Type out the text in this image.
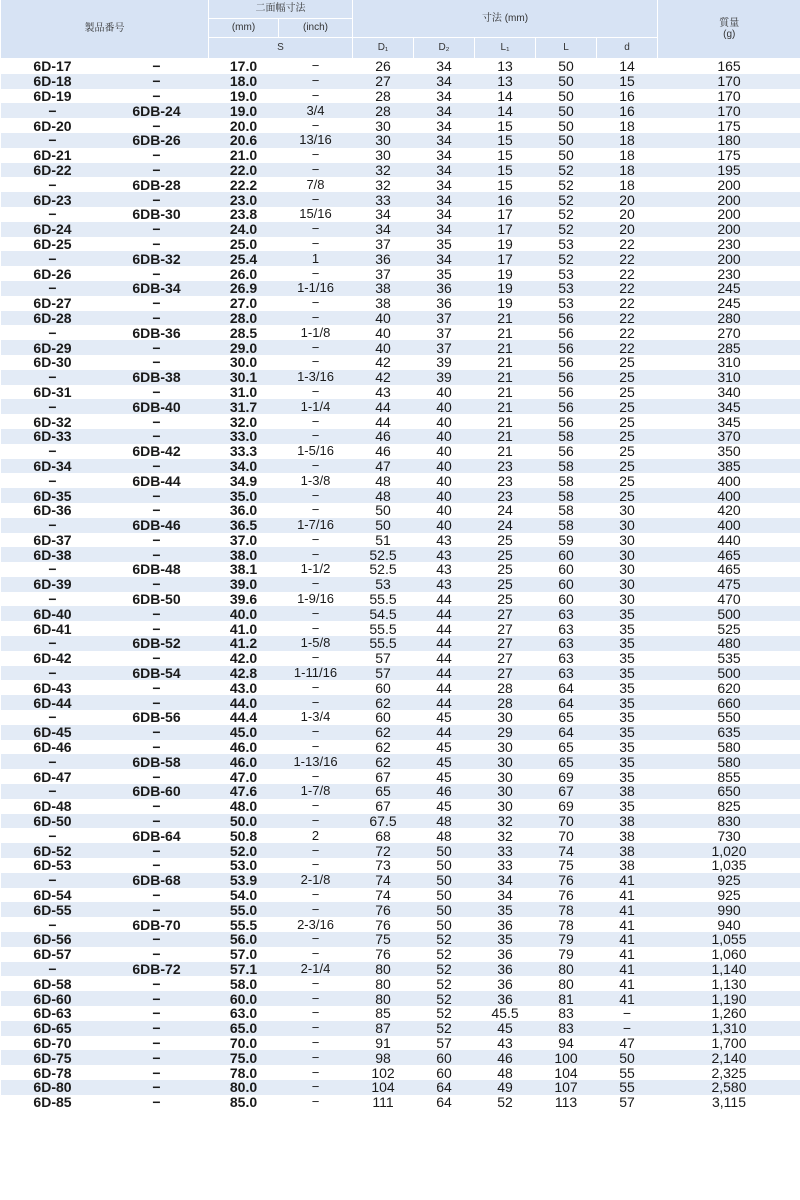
製品番号		二面幅寸法		寸法 (mm)					質量
(g)
		(mm)	(inch)						
		S		D₁	D₂	L₁	L	d	
6D-17	−	17.0	−	26	34	13	50	14	165
6D-18	−	18.0	−	27	34	13	50	15	170
6D-19	−	19.0	−	28	34	14	50	16	170
−	6DB-24	19.0	3/4	28	34	14	50	16	170
6D-20	−	20.0	−	30	34	15	50	18	175
−	6DB-26	20.6	13/16	30	34	15	50	18	180
6D-21	−	21.0	−	30	34	15	50	18	175
6D-22	−	22.0	−	32	34	15	52	18	195
−	6DB-28	22.2	7/8	32	34	15	52	18	200
6D-23	−	23.0	−	33	34	16	52	20	200
−	6DB-30	23.8	15/16	34	34	17	52	20	200
6D-24	−	24.0	−	34	34	17	52	20	200
6D-25	−	25.0	−	37	35	19	53	22	230
−	6DB-32	25.4	1	36	34	17	52	22	200
6D-26	−	26.0	−	37	35	19	53	22	230
−	6DB-34	26.9	1-1/16	38	36	19	53	22	245
6D-27	−	27.0	−	38	36	19	53	22	245
6D-28	−	28.0	−	40	37	21	56	22	280
−	6DB-36	28.5	1-1/8	40	37	21	56	22	270
6D-29	−	29.0	−	40	37	21	56	22	285
6D-30	−	30.0	−	42	39	21	56	25	310
−	6DB-38	30.1	1-3/16	42	39	21	56	25	310
6D-31	−	31.0	−	43	40	21	56	25	340
−	6DB-40	31.7	1-1/4	44	40	21	56	25	345
6D-32	−	32.0	−	44	40	21	56	25	345
6D-33	−	33.0	−	46	40	21	58	25	370
−	6DB-42	33.3	1-5/16	46	40	21	56	25	350
6D-34	−	34.0	−	47	40	23	58	25	385
−	6DB-44	34.9	1-3/8	48	40	23	58	25	400
6D-35	−	35.0	−	48	40	23	58	25	400
6D-36	−	36.0	−	50	40	24	58	30	420
−	6DB-46	36.5	1-7/16	50	40	24	58	30	400
6D-37	−	37.0	−	51	43	25	59	30	440
6D-38	−	38.0	−	52.5	43	25	60	30	465
−	6DB-48	38.1	1-1/2	52.5	43	25	60	30	465
6D-39	−	39.0	−	53	43	25	60	30	475
−	6DB-50	39.6	1-9/16	55.5	44	25	60	30	470
6D-40	−	40.0	−	54.5	44	27	63	35	500
6D-41	−	41.0	−	55.5	44	27	63	35	525
−	6DB-52	41.2	1-5/8	55.5	44	27	63	35	480
6D-42	−	42.0	−	57	44	27	63	35	535
−	6DB-54	42.8	1-11/16	57	44	27	63	35	500
6D-43	−	43.0	−	60	44	28	64	35	620
6D-44	−	44.0	−	62	44	28	64	35	660
−	6DB-56	44.4	1-3/4	60	45	30	65	35	550
6D-45	−	45.0	−	62	44	29	64	35	635
6D-46	−	46.0	−	62	45	30	65	35	580
−	6DB-58	46.0	1-13/16	62	45	30	65	35	580
6D-47	−	47.0	−	67	45	30	69	35	855
−	6DB-60	47.6	1-7/8	65	46	30	67	38	650
6D-48	−	48.0	−	67	45	30	69	35	825
6D-50	−	50.0	−	67.5	48	32	70	38	830
−	6DB-64	50.8	2	68	48	32	70	38	730
6D-52	−	52.0	−	72	50	33	74	38	1,020
6D-53	−	53.0	−	73	50	33	75	38	1,035
−	6DB-68	53.9	2-1/8	74	50	34	76	41	925
6D-54	−	54.0	−	74	50	34	76	41	925
6D-55	−	55.0	−	76	50	35	78	41	990
−	6DB-70	55.5	2-3/16	76	50	36	78	41	940
6D-56	−	56.0	−	75	52	35	79	41	1,055
6D-57	−	57.0	−	76	52	36	79	41	1,060
−	6DB-72	57.1	2-1/4	80	52	36	80	41	1,140
6D-58	−	58.0	−	80	52	36	80	41	1,130
6D-60	−	60.0	−	80	52	36	81	41	1,190
6D-63	−	63.0	−	85	52	45.5	83	−	1,260
6D-65	−	65.0	−	87	52	45	83	−	1,310
6D-70	−	70.0	−	91	57	43	94	47	1,700
6D-75	−	75.0	−	98	60	46	100	50	2,140
6D-78	−	78.0	−	102	60	48	104	55	2,325
6D-80	−	80.0	−	104	64	49	107	55	2,580
6D-85	−	85.0	−	111	64	52	113	57	3,115
